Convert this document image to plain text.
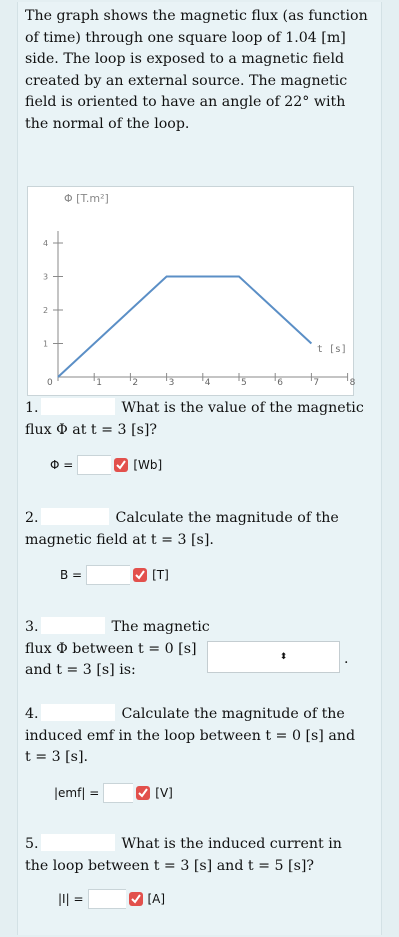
The graph shows the magnetic flux (as function of time) through one square loop of 1.04 [m] side. The loop is exposed to a magnetic field created by an external source. The magnetic field is oriented to have an angle of 22° with the normal of the loop.
0	1	2	3	4	5	6	7	8
1
2
3
4
Φ [T.m²]
t [s]
1.	What is the value of the magnetic flux Φ at t = 3 [s]?
Φ =	[Wb]
2.	Calculate the magnitude of the magnetic field at t = 3 [s].
B =	[T]
3.	The magnetic flux Φ between t = 0 [s] and t = 3 [s] is:
⬍	.
4.	Calculate the magnitude of the induced emf in the loop between t = 0 [s] and t = 3 [s].
|emf| =	[V]
5.	What is the induced current in the loop between t = 3 [s] and t = 5 [s]?
|I| =	[A]
